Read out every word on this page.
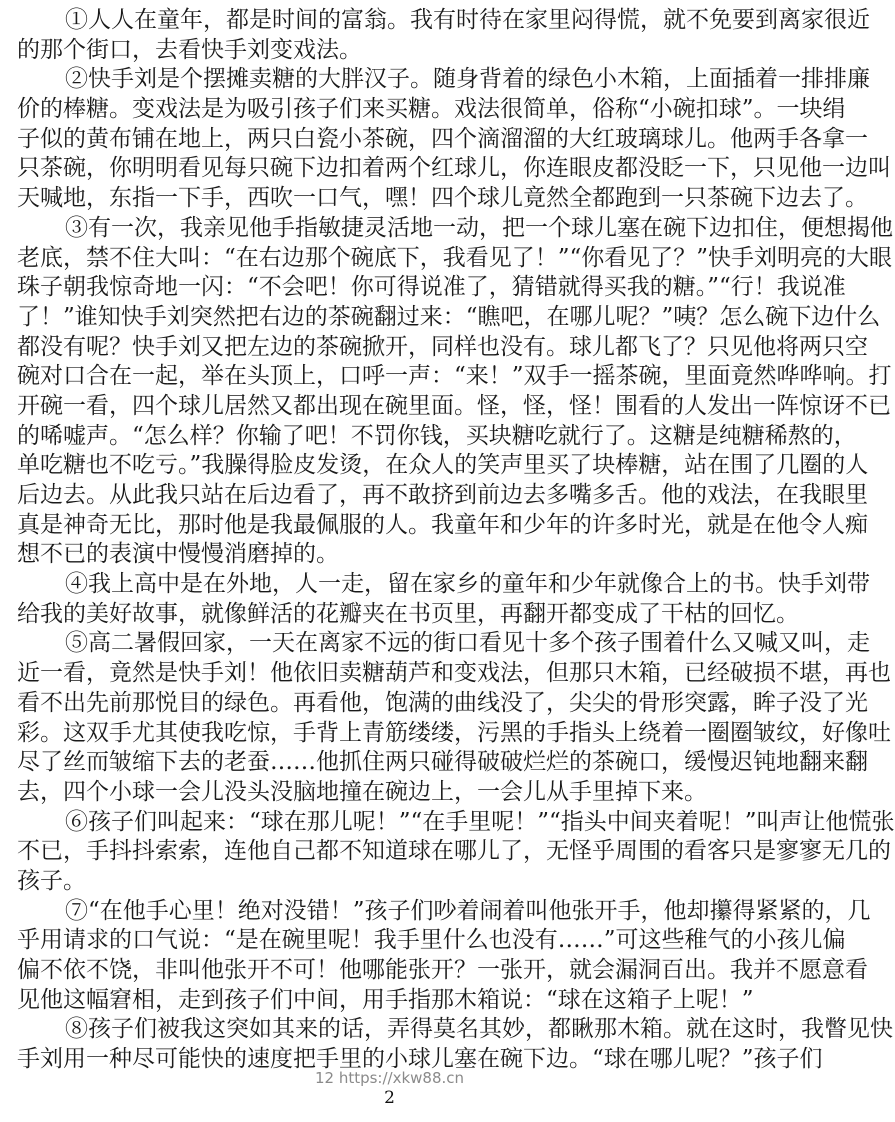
①人人在童年，都是时间的富翁。我有时待在家里闷得慌，就不免要到离家很近
的那个街口，去看快手刘变戏法。
②快手刘是个摆摊卖糖的大胖汉子。随身背着的绿色小木箱，上面插着一排排廉
价的棒糖。变戏法是为吸引孩子们来买糖。戏法很简单，俗称“小碗扣球”。一块绢
子似的黄布铺在地上，两只白瓷小茶碗，四个滴溜溜的大红玻璃球儿。他两手各拿一
只茶碗，你明明看见每只碗下边扣着两个红球儿，你连眼皮都没眨一下，只见他一边叫
天喊地，东指一下手，西吹一口气，嘿！四个球儿竟然全都跑到一只茶碗下边去了。
③有一次，我亲见他手指敏捷灵活地一动，把一个球儿塞在碗下边扣住，便想揭他
老底，禁不住大叫：“在右边那个碗底下，我看见了！”“你看见了？”快手刘明亮的大眼
珠子朝我惊奇地一闪：“不会吧！你可得说准了，猜错就得买我的糖。”“行！我说准
了！”谁知快手刘突然把右边的茶碗翻过来：“瞧吧，在哪儿呢？”咦？怎么碗下边什么
都没有呢？快手刘又把左边的茶碗掀开，同样也没有。球儿都飞了？只见他将两只空
碗对口合在一起，举在头顶上，口呼一声：“来！”双手一摇茶碗，里面竟然哗哗响。打
开碗一看，四个球儿居然又都出现在碗里面。怪，怪，怪！围看的人发出一阵惊讶不已
的唏嘘声。“怎么样？你输了吧！不罚你钱，买块糖吃就行了。这糖是纯糖稀熬的，
单吃糖也不吃亏。”我臊得脸皮发烫，在众人的笑声里买了块棒糖，站在围了几圈的人
后边去。从此我只站在后边看了，再不敢挤到前边去多嘴多舌。他的戏法，在我眼里
真是神奇无比，那时他是我最佩服的人。我童年和少年的许多时光，就是在他令人痴
想不已的表演中慢慢消磨掉的。
④我上高中是在外地，人一走，留在家乡的童年和少年就像合上的书。快手刘带
给我的美好故事，就像鲜活的花瓣夹在书页里，再翻开都变成了干枯的回忆。
⑤高二暑假回家，一天在离家不远的街口看见十多个孩子围着什么又喊又叫，走
近一看，竟然是快手刘！他依旧卖糖葫芦和变戏法，但那只木箱，已经破损不堪，再也
看不出先前那悦目的绿色。再看他，饱满的曲线没了，尖尖的骨形突露，眸子没了光
彩。这双手尤其使我吃惊，手背上青筋缕缕，污黑的手指头上绕着一圈圈皱纹，好像吐
尽了丝而皱缩下去的老蚕……他抓住两只碰得破破烂烂的茶碗口，缓慢迟钝地翻来翻
去，四个小球一会儿没头没脑地撞在碗边上，一会儿从手里掉下来。
⑥孩子们叫起来：“球在那儿呢！”“在手里呢！”“指头中间夹着呢！”叫声让他慌张
不已，手抖抖索索，连他自己都不知道球在哪儿了，无怪乎周围的看客只是寥寥无几的
孩子。
⑦“在他手心里！绝对没错！”孩子们吵着闹着叫他张开手，他却攥得紧紧的，几
乎用请求的口气说：“是在碗里呢！我手里什么也没有……”可这些稚气的小孩儿偏
偏不依不饶，非叫他张开不可！他哪能张开？一张开，就会漏洞百出。我并不愿意看
见他这幅窘相，走到孩子们中间，用手指那木箱说：“球在这箱子上呢！”
⑧孩子们被我这突如其来的话，弄得莫名其妙，都瞅那木箱。就在这时，我瞥见快
手刘用一种尽可能快的速度把手里的小球儿塞在碗下边。“球在哪儿呢？”孩子们
12 https://xkw88.cn
2
